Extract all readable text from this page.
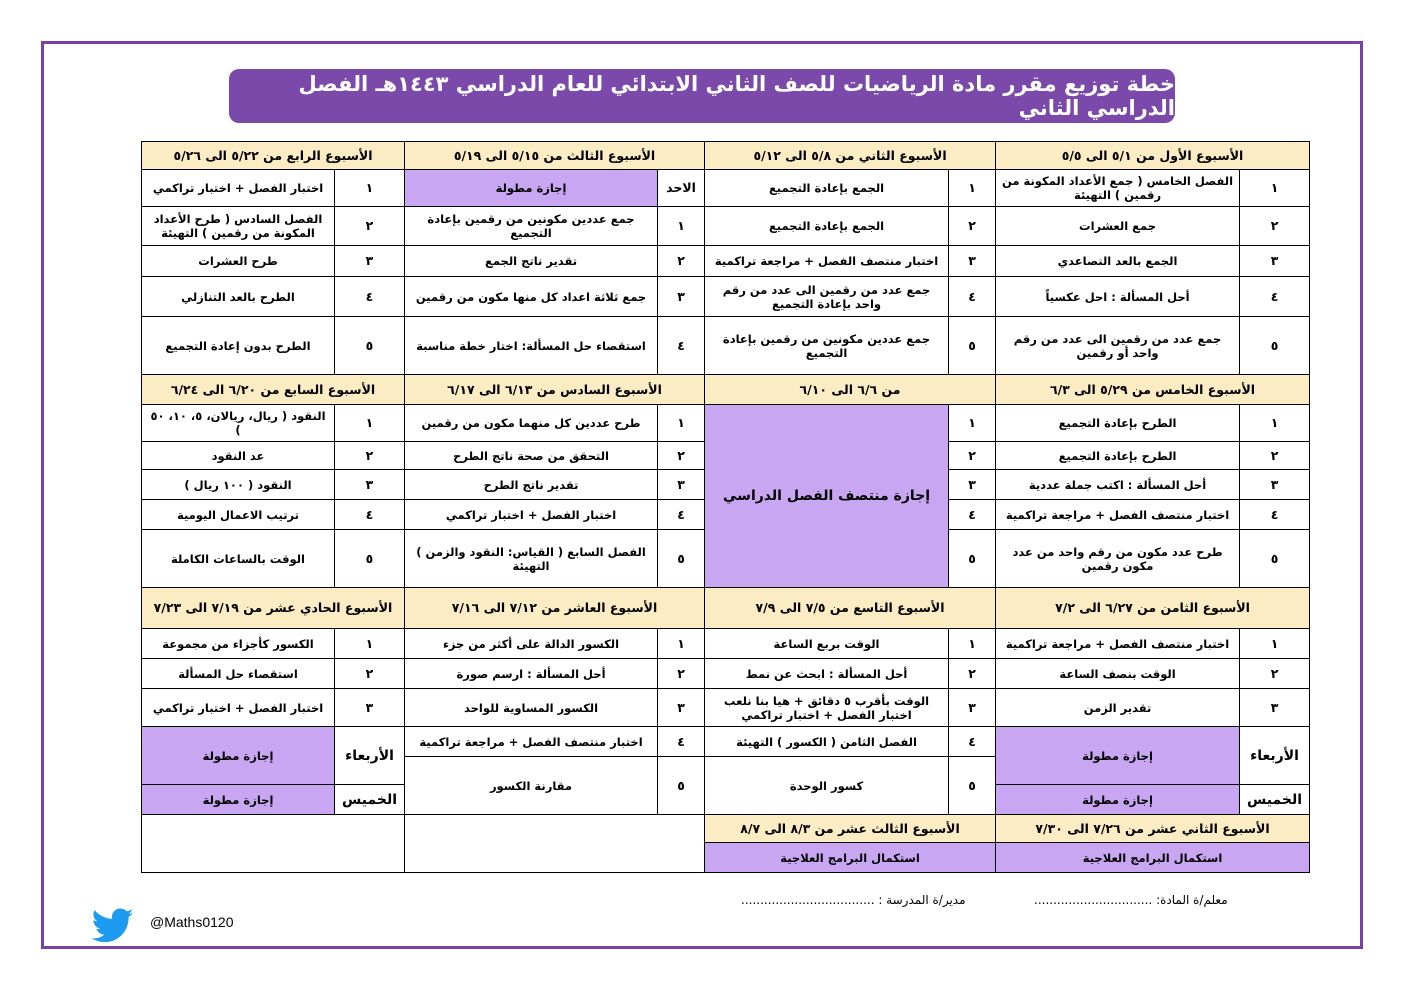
خطة توزيع مقرر مادة الرياضيات للصف الثاني الابتدائي للعام الدراسي ١٤٤٣هـ الفصل الدراسي الثاني
الأسبوع الأول من ٥/١ الى ٥/٥		الأسبوع الثاني من ٥/٨ الى ٥/١٢		الأسبوع الثالث من ٥/١٥ الى ٥/١٩		الأسبوع الرابع من ٥/٢٢ الى ٥/٢٦	
١	الفصل الخامس ( جمع الأعداد المكونة من رقمين ) التهيئة	١	الجمع بإعادة التجميع	الاحد	إجازة مطولة	١	اختبار الفصل + اختبار تراكمي
٢	جمع العشرات	٢	الجمع بإعادة التجميع	١	جمع عددين مكونين من رقمين بإعادة التجميع	٢	الفصل السادس ( طرح الأعداد المكونة من رقمين ) التهيئة
٣	الجمع بالعد التصاعدي	٣	اختبار منتصف الفصل + مراجعة تراكمية	٢	تقدير ناتج الجمع	٣	طرح العشرات
٤	أحل المسألة : احل عكسياً	٤	جمع عدد من رقمين الى عدد من رقم واحد بإعادة التجميع	٣	جمع ثلاثة اعداد كل منها مكون من رقمين	٤	الطرح بالعد التنازلي
٥	جمع عدد من رقمين الى عدد من رقم واحد أو رقمين	٥	جمع عددين مكونين من رقمين بإعادة التجميع	٤	استقصاء حل المسألة: اختار خطة مناسبة	٥	الطرح بدون إعادة التجميع
الأسبوع الخامس من ٥/٢٩ الى ٦/٣		من ٦/٦ الى ٦/١٠		الأسبوع السادس من ٦/١٣ الى ٦/١٧		الأسبوع السابع من ٦/٢٠ الى ٦/٢٤	
١	الطرح بإعادة التجميع	١	إجازة منتصف الفصل الدراسي	١	طرح عددين كل منهما مكون من رقمين	١	النقود ( ريال، ريالان، ٥، ١٠، ٥٠ )
٢	الطرح بإعادة التجميع	٢		٢	التحقق من صحة ناتج الطرح	٢	عد النقود
٣	أحل المسألة : اكتب جملة عددية	٣		٣	تقدير ناتج الطرح	٣	النقود ( ١٠٠ ريال )
٤	اختبار منتصف الفصل + مراجعة تراكمية	٤		٤	اختبار الفصل + اختبار تراكمي	٤	ترتيب الاعمال اليومية
٥	طرح عدد مكون من رقم واحد من عدد مكون رقمين	٥		٥	الفصل السابع ( القياس: النقود والزمن ) التهيئة	٥	الوقت بالساعات الكاملة
الأسبوع الثامن من ٦/٢٧ الى ٧/٢		الأسبوع التاسع من ٧/٥ الى ٧/٩		الأسبوع العاشر من ٧/١٢ الى ٧/١٦		الأسبوع الحادي عشر من ٧/١٩ الى ٧/٢٣	
١	اختبار منتصف الفصل + مراجعة تراكمية	١	الوقت بربع الساعة	١	الكسور الدالة على أكثر من جزء	١	الكسور كأجزاء من مجموعة
٢	الوقت بنصف الساعة	٢	أحل المسألة : ابحث عن نمط	٢	أحل المسألة : ارسم صورة	٢	استقصاء حل المسألة
٣	تقدير الزمن	٣	الوقت بأقرب ٥ دقائق + هيا بنا نلعب اختبار الفصل + اختبار تراكمي	٣	الكسور المساوية للواحد	٣	اختبار الفصل + اختبار تراكمي
الأربعاء	إجازة مطولة	٤	الفصل الثامن ( الكسور ) التهيئة	٤	اختبار منتصف الفصل + مراجعة تراكمية	الأربعاء	إجازة مطولة
		٥	كسور الوحدة	٥	مقارنة الكسور		
الخميس	إجازة مطولة					الخميس	إجازة مطولة
الأسبوع الثاني عشر من ٧/٢٦ الى ٧/٣٠		الأسبوع الثالث عشر من ٨/٣ الى ٨/٧					
استكمال البرامج العلاجية		استكمال البرامج العلاجية					
معلم/ة المادة: ...............................
مدير/ة المدرسة : ...................................
@Maths0120
